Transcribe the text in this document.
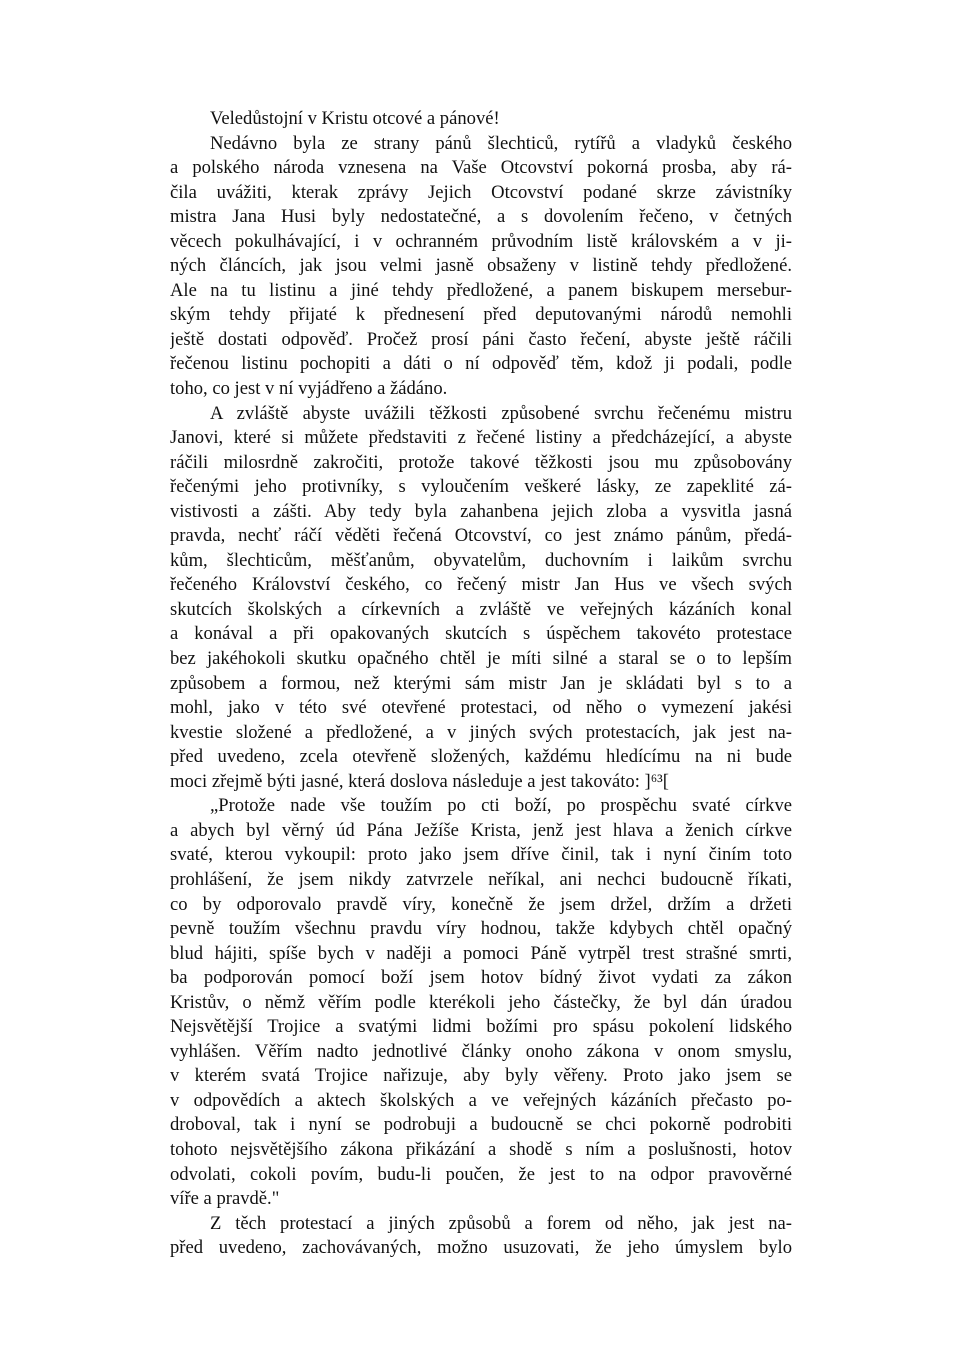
Veledůstojní v Kristu otcové a pánové!
Nedávno byla ze strany pánů šlechticů, rytířů a vladyků českého
a polského národa vznesena na Vaše Otcovství pokorná prosba, aby rá-
čila uvážiti, kterak zprávy Jejich Otcovství podané skrze závistníky
mistra Jana Husi byly nedostatečné, a s dovolením řečeno, v četných
věcech pokulhávající, i v ochranném průvodním listě královském a v ji-
ných článcích, jak jsou velmi jasně obsaženy v listině tehdy předložené.
Ale na tu listinu a jiné tehdy předložené, a panem biskupem mersebur-
ským tehdy přijaté k přednesení před deputovanými národů nemohli
ještě dostati odpověď. Pročež prosí páni často řečení, abyste ještě ráčili
řečenou listinu pochopiti a dáti o ní odpověď těm, kdož ji podali, podle
toho, co jest v ní vyjádřeno a žádáno.
A zvláště abyste uvážili těžkosti způsobené svrchu řečenému mistru
Janovi, které si můžete představiti z řečené listiny a předcházející, a abyste
ráčili milosrdně zakročiti, protože takové těžkosti jsou mu způsobovány
řečenými jeho protivníky, s vyloučením veškeré lásky, ze zapeklité zá-
vistivosti a zášti. Aby tedy byla zahanbena jejich zloba a vysvitla jasná
pravda, nechť ráčí věděti řečená Otcovství, co jest známo pánům, předá-
kům, šlechticům, měšťanům, obyvatelům, duchovním i laikům svrchu
řečeného Království českého, co řečený mistr Jan Hus ve všech svých
skutcích školských a církevních a zvláště ve veřejných kázáních konal
a konával a při opakovaných skutcích s úspěchem takovéto protestace
bez jakéhokoli skutku opačného chtěl je míti silné a staral se o to lepším
způsobem a formou, než kterými sám mistr Jan je skládati byl s to a
mohl, jako v této své otevřené protestaci, od něho o vymezení jakési
kvestie složené a předložené, a v jiných svých protestacích, jak jest na-
před uvedeno, zcela otevřeně složených, každému hledícímu na ni bude
moci zřejmě býti jasné, která doslova následuje a jest takováto: ]⁶³[
„Protože nade vše toužím po cti boží, po prospěchu svaté církve
a abych byl věrný úd Pána Ježíše Krista, jenž jest hlava a ženich církve
svaté, kterou vykoupil: proto jako jsem dříve činil, tak i nyní činím toto
prohlášení, že jsem nikdy zatvrzele neříkal, ani nechci budoucně říkati,
co by odporovalo pravdě víry, konečně že jsem držel, držím a držeti
pevně toužím všechnu pravdu víry hodnou, takže kdybych chtěl opačný
blud hájiti, spíše bych v naději a pomoci Páně vytrpěl trest strašné smrti,
ba podporován pomocí boží jsem hotov bídný život vydati za zákon
Kristův, o němž věřím podle kterékoli jeho částečky, že byl dán úradou
Nejsvětější Trojice a svatými lidmi božími pro spásu pokolení lidského
vyhlášen. Věřím nadto jednotlivé články onoho zákona v onom smyslu,
v kterém svatá Trojice nařizuje, aby byly věřeny. Proto jako jsem se
v odpovědích a aktech školských a ve veřejných kázáních přečasto po-
droboval, tak i nyní se podrobuji a budoucně se chci pokorně podrobiti
tohoto nejsvětějšího zákona přikázání a shodě s ním a poslušnosti, hotov
odvolati, cokoli povím, budu-li poučen, že jest to na odpor pravověrné
víře a pravdě."
Z těch protestací a jiných způsobů a forem od něho, jak jest na-
před uvedeno, zachovávaných, možno usuzovati, že jeho úmyslem bylo
